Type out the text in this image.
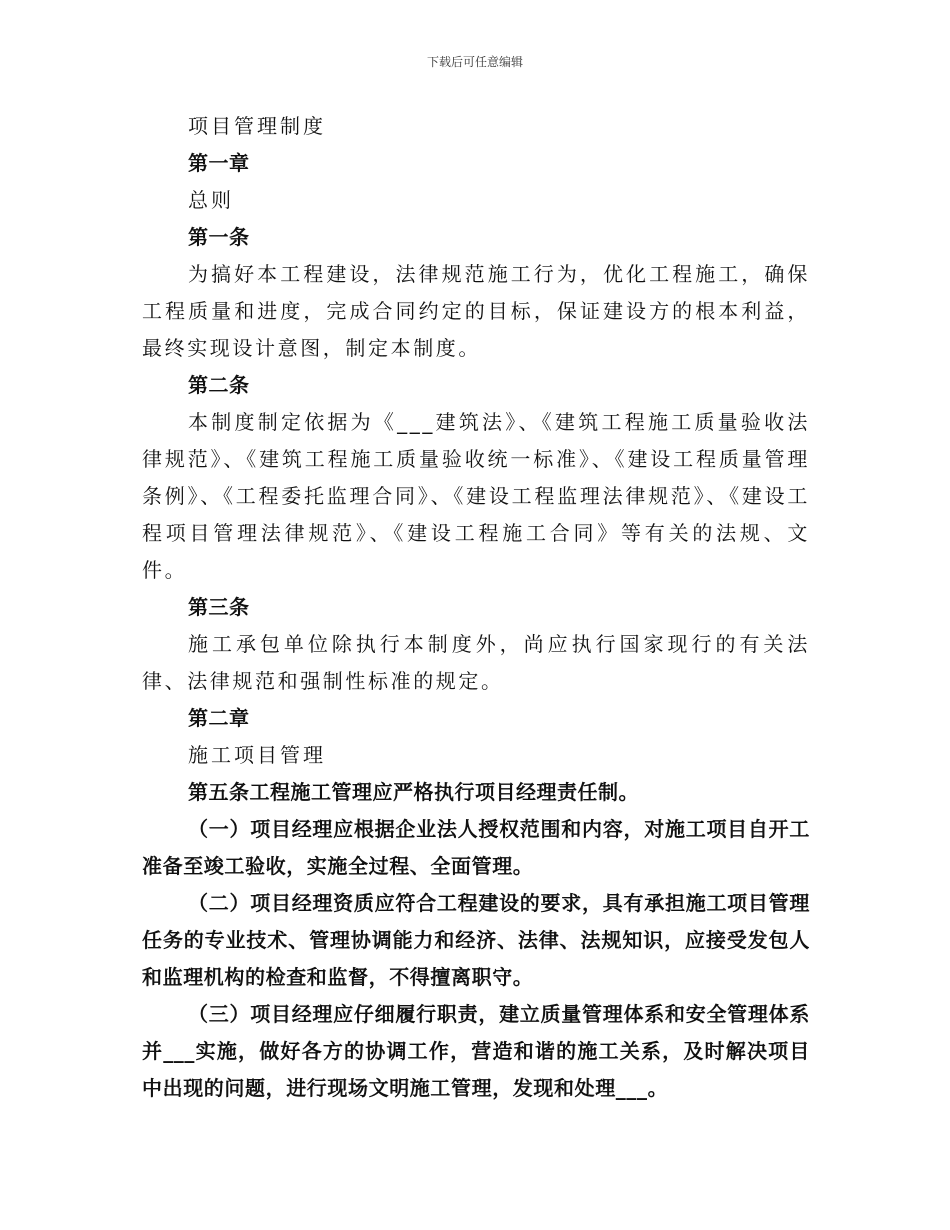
下载后可任意编辑
项目管理制度
第一章
总则
第一条
为搞好本工程建设，法律规范施工行为，优化工程施工，确保工程质量和进度，完成合同约定的目标，保证建设方的根本利益，最终实现设计意图，制定本制度。
第二条
本制度制定依据为《___建筑法》、《建筑工程施工质量验收法律规范》、《建筑工程施工质量验收统一标准》、《建设工程质量管理条例》、《工程委托监理合同》、《建设工程监理法律规范》、《建设工程项目管理法律规范》、《建设工程施工合同》等有关的法规、文件。
第三条
施工承包单位除执行本制度外，尚应执行国家现行的有关法律、法律规范和强制性标准的规定。
第二章
施工项目管理
第五条工程施工管理应严格执行项目经理责任制。
（一）项目经理应根据企业法人授权范围和内容，对施工项目自开工准备至竣工验收，实施全过程、全面管理。
（二）项目经理资质应符合工程建设的要求，具有承担施工项目管理任务的专业技术、管理协调能力和经济、法律、法规知识，应接受发包人和监理机构的检查和监督，不得擅离职守。
（三）项目经理应仔细履行职责，建立质量管理体系和安全管理体系并___实施，做好各方的协调工作，营造和谐的施工关系，及时解决项目中出现的问题，进行现场文明施工管理，发现和处理___。
